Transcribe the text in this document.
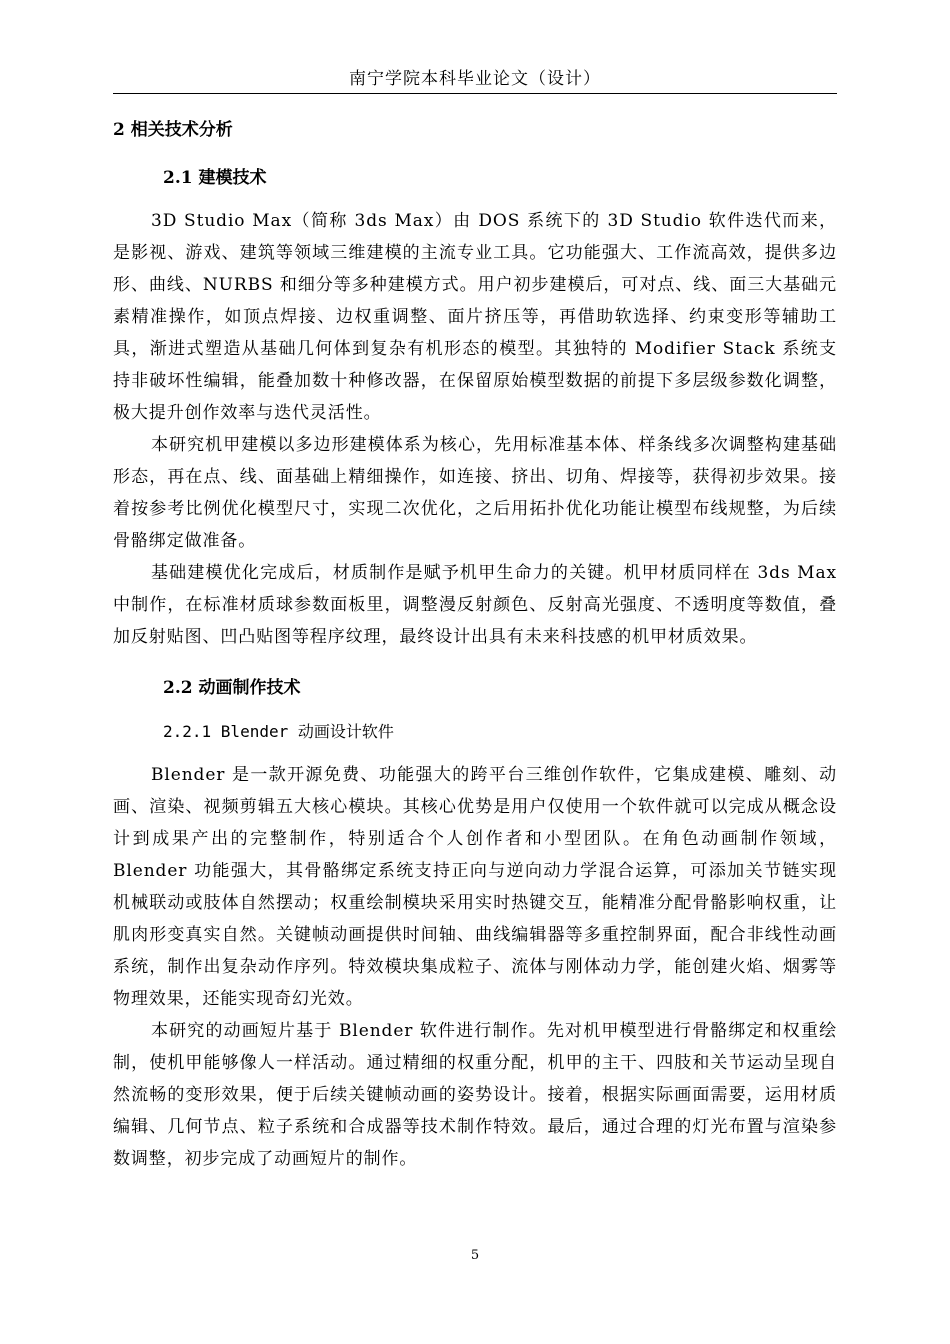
南宁学院本科毕业论文（设计）
2 相关技术分析
2.1 建模技术

3D Studio Max（简称 3ds Max）由 DOS 系统下的 3D Studio 软件迭代而来，是影视、游戏、建筑等领域三维建模的主流专业工具。它功能强大、工作流高效，提供多边形、曲线、NURBS 和细分等多种建模方式。用户初步建模后，可对点、线、面三大基础元素精准操作，如顶点焊接、边权重调整、面片挤压等，再借助软选择、约束变形等辅助工具，渐进式塑造从基础几何体到复杂有机形态的模型。其独特的 Modifier Stack 系统支持非破坏性编辑，能叠加数十种修改器，在保留原始模型数据的前提下多层级参数化调整，极大提升创作效率与迭代灵活性。

本研究机甲建模以多边形建模体系为核心，先用标准基本体、样条线多次调整构建基础形态，再在点、线、面基础上精细操作，如连接、挤出、切角、焊接等，获得初步效果。接着按参考比例优化模型尺寸，实现二次优化，之后用拓扑优化功能让模型布线规整，为后续骨骼绑定做准备。

基础建模优化完成后，材质制作是赋予机甲生命力的关键。机甲材质同样在 3ds Max 中制作，在标准材质球参数面板里，调整漫反射颜色、反射高光强度、不透明度等数值，叠加反射贴图、凹凸贴图等程序纹理，最终设计出具有未来科技感的机甲材质效果。

2.2 动画制作技术
2.2.1 Blender 动画设计软件

Blender 是一款开源免费、功能强大的跨平台三维创作软件，它集成建模、雕刻、动画、渲染、视频剪辑五大核心模块。其核心优势是用户仅使用一个软件就可以完成从概念设计到成果产出的完整制作，特别适合个人创作者和小型团队。在角色动画制作领域，Blender 功能强大，其骨骼绑定系统支持正向与逆向动力学混合运算，可添加关节链实现机械联动或肢体自然摆动；权重绘制模块采用实时热键交互，能精准分配骨骼影响权重，让肌肉形变真实自然。关键帧动画提供时间轴、曲线编辑器等多重控制界面，配合非线性动画系统，制作出复杂动作序列。特效模块集成粒子、流体与刚体动力学，能创建火焰、烟雾等物理效果，还能实现奇幻光效。

本研究的动画短片基于 Blender 软件进行制作。先对机甲模型进行骨骼绑定和权重绘制，使机甲能够像人一样活动。通过精细的权重分配，机甲的主干、四肢和关节运动呈现自然流畅的变形效果，便于后续关键帧动画的姿势设计。接着，根据实际画面需要，运用材质编辑、几何节点、粒子系统和合成器等技术制作特效。最后，通过合理的灯光布置与渲染参数调整，初步完成了动画短片的制作。

5
